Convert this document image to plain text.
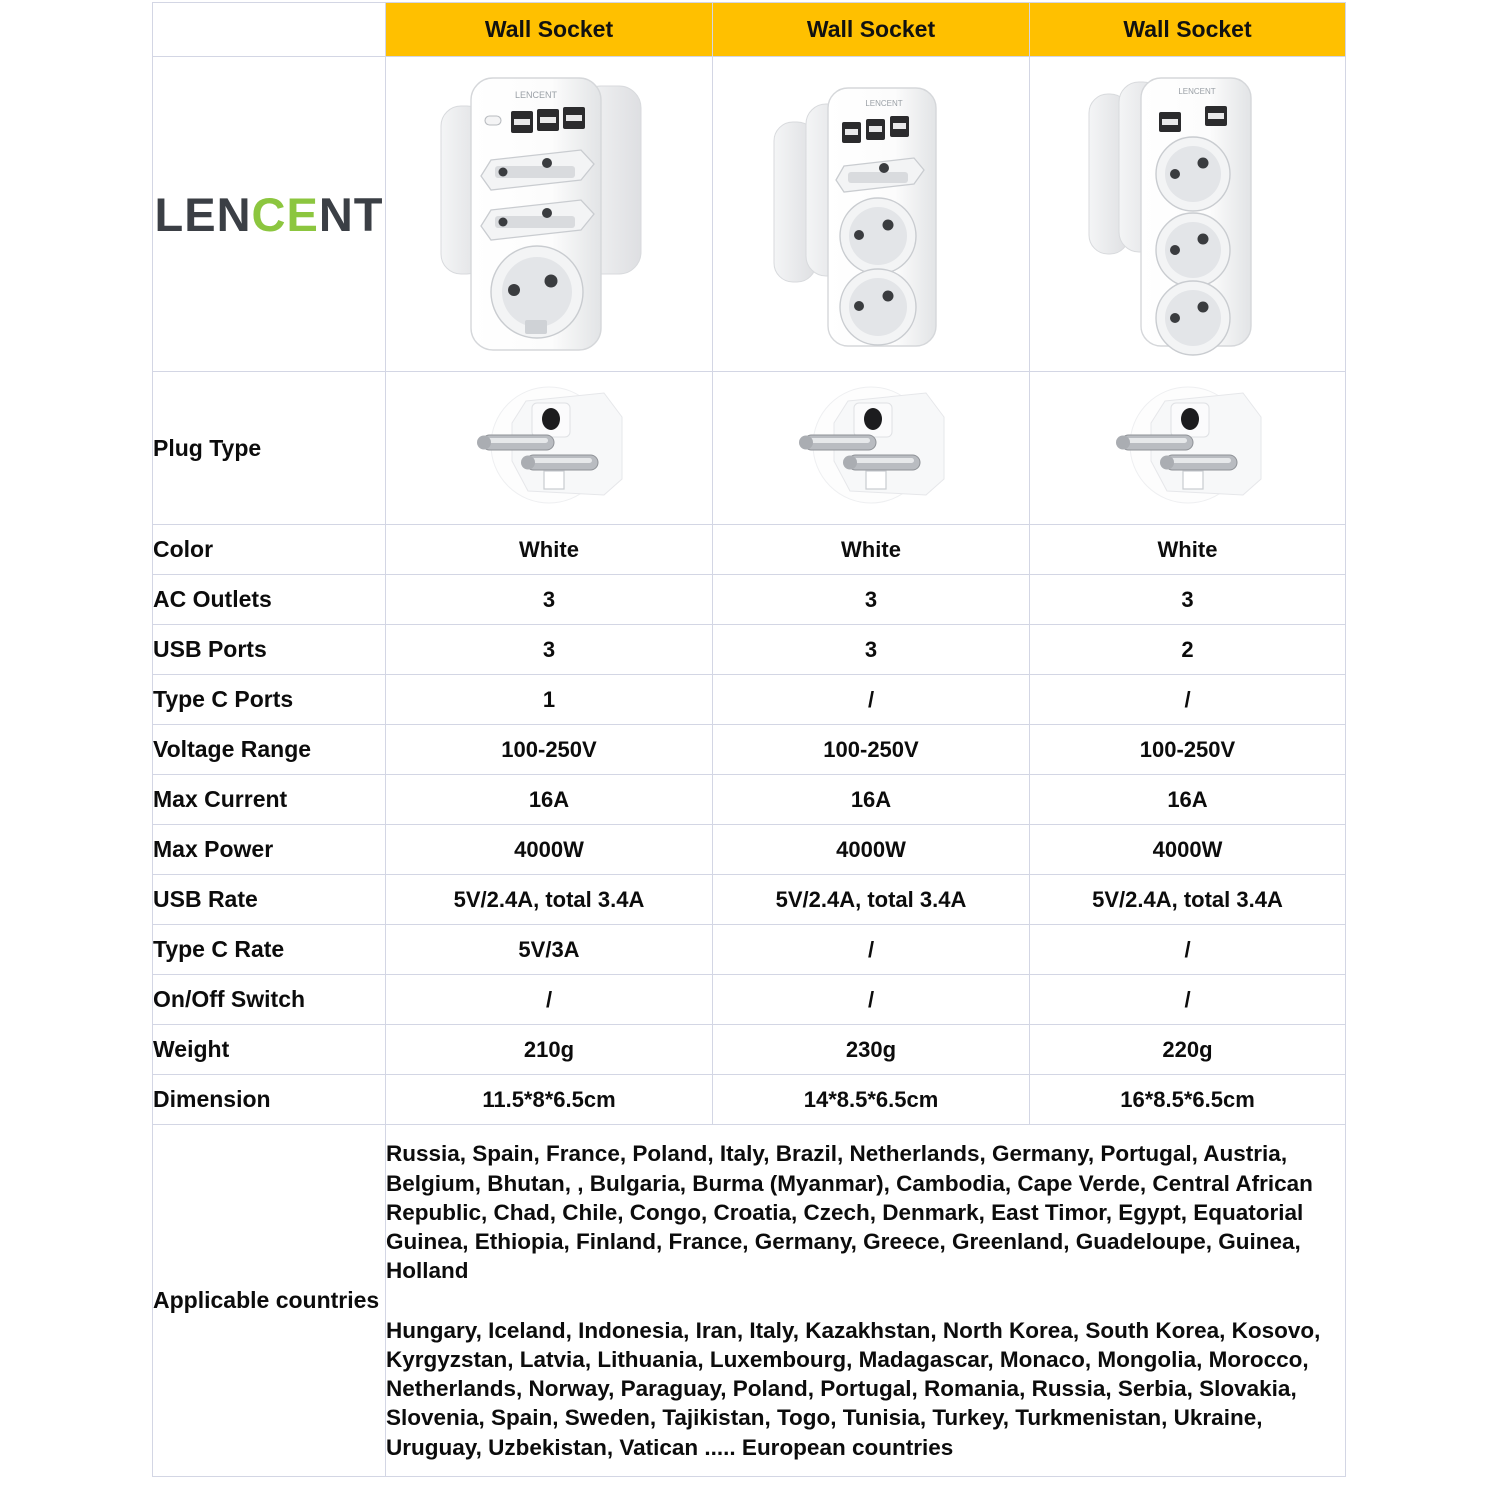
	Wall Socket	Wall Socket	Wall Socket

LENCENT	LENCENT	LENCENT	LENCENT

Plug Type			
Color	White	White	White
AC Outlets	3	3	3
USB Ports	3	3	2
Type C Ports	1	/	/
Voltage Range	100-250V	100-250V	100-250V
Max Current	16A	16A	16A
Max Power	4000W	4000W	4000W
USB Rate	5V/2.4A, total 3.4A	5V/2.4A, total 3.4A	5V/2.4A, total 3.4A
Type C Rate	5V/3A	/	/
On/Off Switch	/	/	/
Weight	210g	230g	220g
Dimension	11.5*8*6.5cm	14*8.5*6.5cm	16*8.5*6.5cm
Applicable countries	Russia, Spain, France, Poland, Italy, Brazil, Netherlands, Germany, Portugal, Austria, Belgium, Bhutan, , Bulgaria, Burma (Myanmar), Cambodia, Cape Verde, Central African Republic, Chad, Chile, Congo, Croatia, Czech, Denmark, East Timor, Egypt, Equatorial Guinea, Ethiopia, Finland, France, Germany, Greece, Greenland, Guadeloupe, Guinea, Holland

Hungary, Iceland, Indonesia, Iran, Italy, Kazakhstan, North Korea, South Korea, Kosovo, Kyrgyzstan, Latvia, Lithuania, Luxembourg, Madagascar, Monaco, Mongolia, Morocco, Netherlands, Norway, Paraguay, Poland, Portugal, Romania, Russia, Serbia, Slovakia, Slovenia, Spain, Sweden, Tajikistan, Togo, Tunisia, Turkey, Turkmenistan, Ukraine, Uruguay, Uzbekistan, Vatican ..... European countries		
